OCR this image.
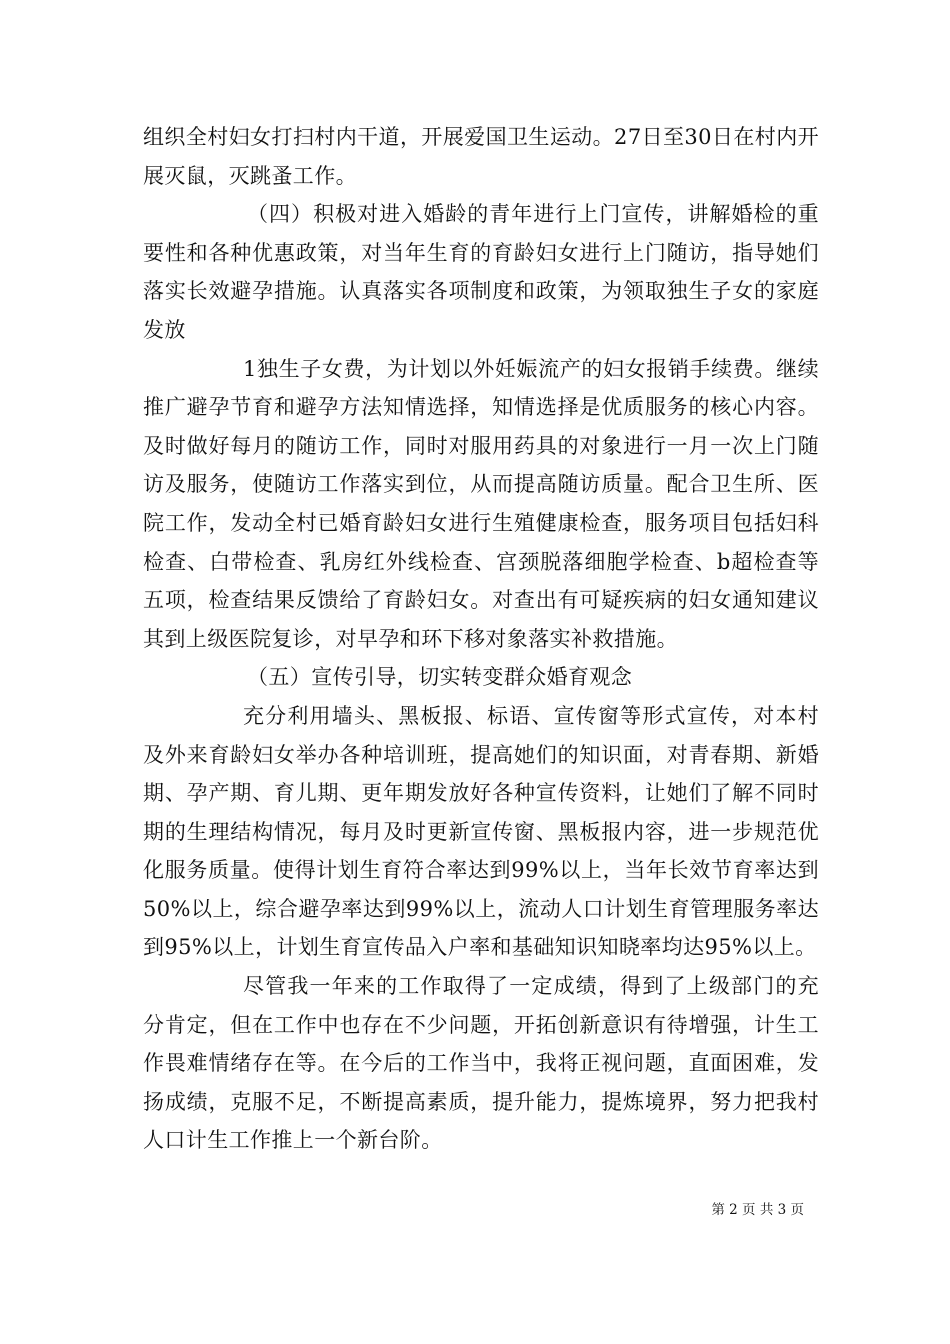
组织全村妇女打扫村内干道，开展爱国卫生运动。27日至30日在村内开展灭鼠，灭跳蚤工作。

（四）积极对进入婚龄的青年进行上门宣传，讲解婚检的重要性和各种优惠政策，对当年生育的育龄妇女进行上门随访，指导她们落实长效避孕措施。认真落实各项制度和政策，为领取独生子女的家庭发放

1独生子女费，为计划以外妊娠流产的妇女报销手续费。继续推广避孕节育和避孕方法知情选择，知情选择是优质服务的核心内容。及时做好每月的随访工作，同时对服用药具的对象进行一月一次上门随访及服务，使随访工作落实到位，从而提高随访质量。配合卫生所、医院工作，发动全村已婚育龄妇女进行生殖健康检查，服务项目包括妇科检查、白带检查、乳房红外线检查、宫颈脱落细胞学检查、b超检查等五项，检查结果反馈给了育龄妇女。对查出有可疑疾病的妇女通知建议其到上级医院复诊，对早孕和环下移对象落实补救措施。

（五）宣传引导，切实转变群众婚育观念

充分利用墙头、黑板报、标语、宣传窗等形式宣传，对本村及外来育龄妇女举办各种培训班，提高她们的知识面，对青春期、新婚期、孕产期、育儿期、更年期发放好各种宣传资料，让她们了解不同时期的生理结构情况，每月及时更新宣传窗、黑板报内容，进一步规范优化服务质量。使得计划生育符合率达到99%以上，当年长效节育率达到50%以上，综合避孕率达到99%以上，流动人口计划生育管理服务率达到95%以上，计划生育宣传品入户率和基础知识知晓率均达95%以上。

尽管我一年来的工作取得了一定成绩，得到了上级部门的充分肯定，但在工作中也存在不少问题，开拓创新意识有待增强，计生工作畏难情绪存在等。在今后的工作当中，我将正视问题，直面困难，发扬成绩，克服不足，不断提高素质，提升能力，提炼境界，努力把我村人口计生工作推上一个新台阶。

第 2 页 共 3 页
